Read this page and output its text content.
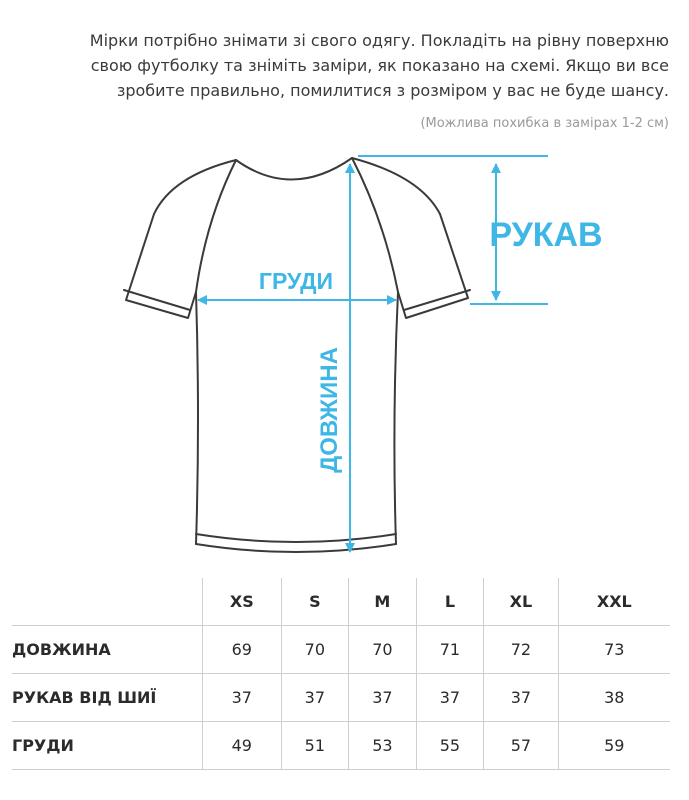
Мірки потрібно знімати зі свого одягу. Покладіть на рівну поверхню
свою футболку та зніміть заміри, як показано на схемі. Якщо ви все
зробите правильно, помилитися з розміром у вас не буде шансу.
(Можлива похибка в замірах 1-2 см)
ГРУДИ
РУКАВ
ДОВЖИНА
	XS	S	M	L	XL	XXL
ДОВЖИНА	69	70	70	71	72	73
РУКАВ ВІД ШИЇ	37	37	37	37	37	38
ГРУДИ	49	51	53	55	57	59
